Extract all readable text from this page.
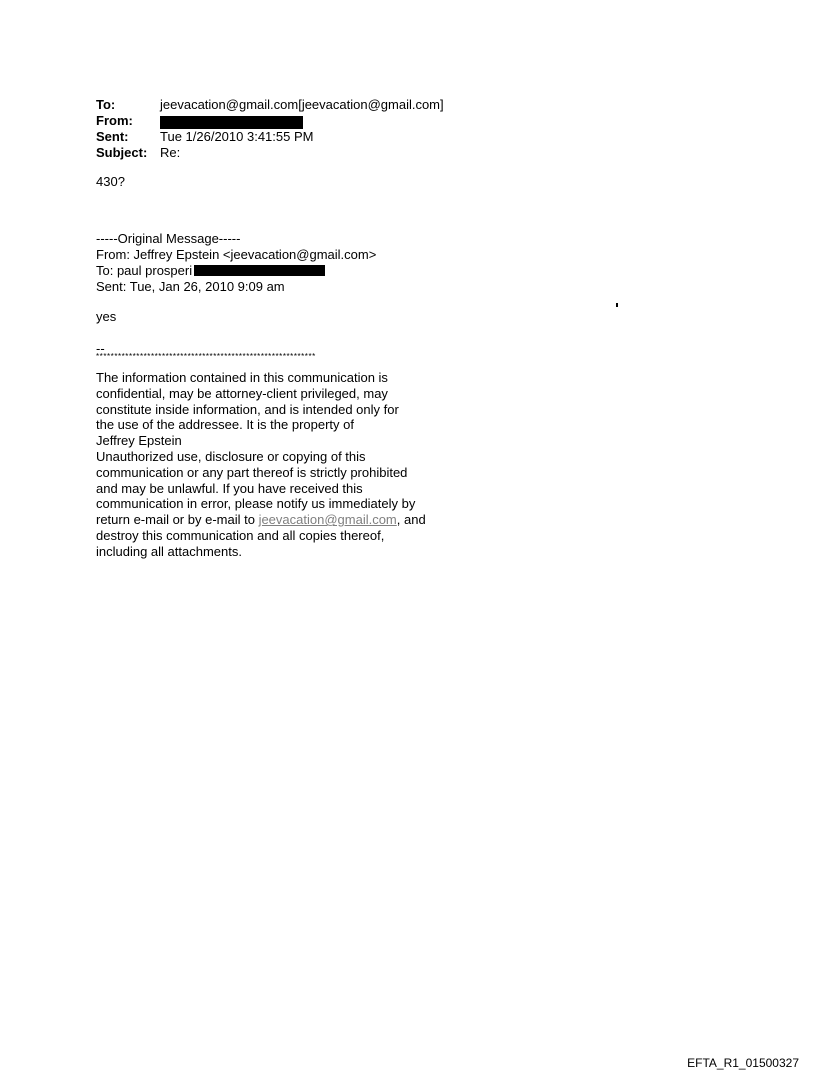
To:	jeevacation@gmail.com[jeevacation@gmail.com]
From:
Sent:	Tue 1/26/2010 3:41:55 PM
Subject: Re:
430?
-----Original Message-----
From: Jeffrey Epstein <jeevacation@gmail.com>
To: paul prosperi
Sent: Tue, Jan 26, 2010 9:09 am
yes
--
************************************************************
The information contained in this communication is
confidential, may be attorney-client privileged, may
constitute inside information, and is intended only for
the use of the addressee. It is the property of
Jeffrey Epstein
Unauthorized use, disclosure or copying of this
communication or any part thereof is strictly prohibited
and may be unlawful. If you have received this
communication in error, please notify us immediately by
return e-mail or by e-mail to jeevacation@gmail.com, and
destroy this communication and all copies thereof,
including all attachments.
EFTA_R1_01500327
